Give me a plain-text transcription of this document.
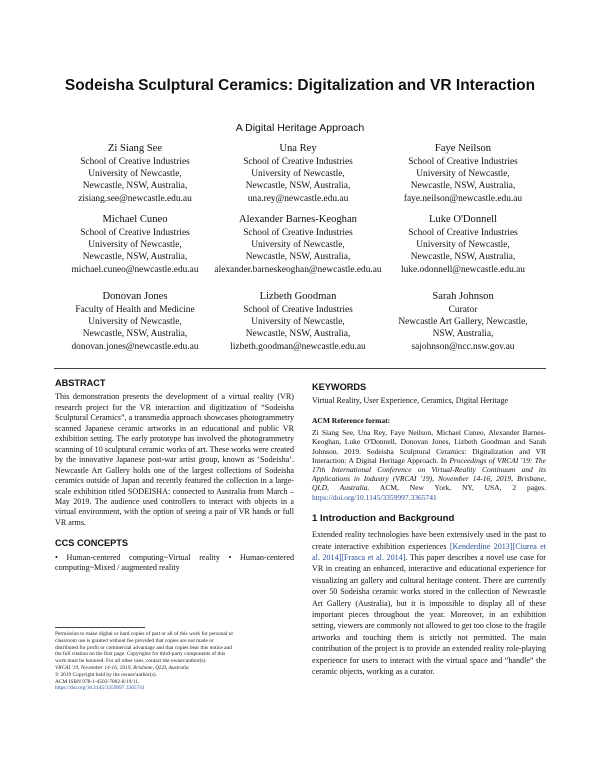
Sodeisha Sculptural Ceramics: Digitalization and VR Interaction
A Digital Heritage Approach
Zi Siang See
School of Creative Industries
University of Newcastle,
Newcastle, NSW, Australia,
zisiang.see@newcastle.edu.au
Una Rey
School of Creative Industries
University of Newcastle,
Newcastle, NSW, Australia,
una.rey@newcastle.edu.au
Faye Neilson
School of Creative Industries
University of Newcastle,
Newcastle, NSW, Australia,
faye.neilson@newcastle.edu.au
Michael Cuneo
School of Creative Industries
University of Newcastle,
Newcastle, NSW, Australia,
michael.cuneo@newcastle.edu.au
Alexander Barnes-Keoghan
School of Creative Industries
University of Newcastle,
Newcastle, NSW, Australia,
alexander.barneskeoghan@newcastle.edu.au
Luke O'Donnell
School of Creative Industries
University of Newcastle,
Newcastle, NSW, Australia,
luke.odonnell@newcastle.edu.au
Donovan Jones
Faculty of Health and Medicine
University of Newcastle,
Newcastle, NSW, Australia,
donovan.jones@newcastle.edu.au
Lizbeth Goodman
School of Creative Industries
University of Newcastle,
Newcastle, NSW, Australia,
lizbeth.goodman@newcastle.edu.au
Sarah Johnson
Curator
Newcastle Art Gallery, Newcastle,
NSW, Australia,
sajohnson@ncc.nsw.gov.au
ABSTRACT
This demonstration presents the development of a virtual reality (VR) research project for the VR interaction and digitization of “Sodeisha Sculptural Ceramics”, a transmedia approach showcases photogrammetry scanned Japanese ceramic artworks in an educational and public VR exhibition setting. The early prototype has involved the photogrammetry scanning of 10 sculptural ceramic works of art. These works were created by the innovative Japanese post-war artist group, known as ‘Sodeisha’. Newcastle Art Gallery holds one of the largest collections of Sodeisha ceramics outside of Japan and recently featured the collection in a large-scale exhibition titled SODEISHA: connected to Australia from March – May 2019. The audience used controllers to interact with objects in a virtual environment, with the option of seeing a pair of VR hands or full VR arms.
CCS CONCEPTS
• Human-centered computing~Virtual reality • Human-centered computing~Mixed / augmented reality
Permission to make digital or hard copies of part or all of this work for personal or
classroom use is granted without fee provided that copies are not made or
distributed for profit or commercial advantage and that copies bear this notice and
the full citation on the first page. Copyrights for third-party components of this
work must be honored. For all other uses, contact the owner/author(s).
VRCAI '19, November 14-16, 2019, Brisbane, QLD, Australia
© 2019 Copyright held by the owner/author(s).
ACM ISBN 978-1-4503-7002-8/19/11.
https://doi.org/10.1145/3359997.3365741
KEYWORDS
Virtual Reality, User Experience, Ceramics, Digital Heritage
ACM Reference format:
Zi Siang See, Una Rey, Faye Neilson, Michael Cuneo, Alexander Barnes-Keoghan, Luke O'Donnell, Donovan Jones, Lizbeth Goodman and Sarah Johnson. 2019. Sodeisha Sculptural Ceramics: Digitalization and VR Interaction: A Digital Heritage Approach. In Proceedings of VRCAI '19: The 17th International Conference on Virtual-Reality Continuum and its Applications in Industry (VRCAI '19), November 14-16, 2019, Brisbane, QLD, Australia. ACM, New York, NY, USA, 2 pages. https://doi.org/10.1145/3359997.3365741
1 Introduction and Background
Extended reality technologies have been extensively used in the past to create interactive exhibition experiences [Kenderdine 2013][Ciurea et al. 2014][Frasca et al. 2014]. This paper describes a novel use case for VR in creating an enhanced, interactive and educational experience for visualizing art gallery and cultural heritage content. There are currently over 50 Sodeisha ceramic works stored in the collection of Newcastle Art Gallery (Australia), but it is impossible to display all of these important pieces throughout the year. Moreover, in an exhibition setting, viewers are commonly not allowed to get too close to the fragile artworks and touching them is strictly not permitted. The main contribution of the project is to provide an extended reality role-playing experience for users to interact with the virtual space and “handle” the ceramic objects, working as a curator.
